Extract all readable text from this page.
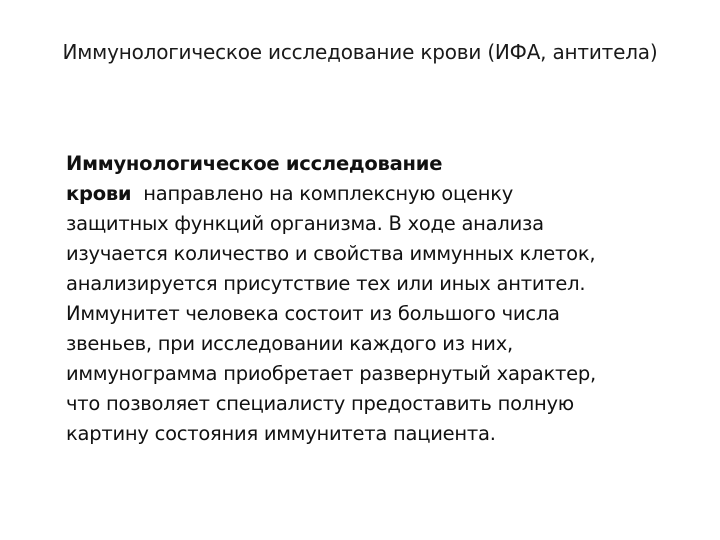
Иммунологическое исследование крови (ИФА, антитела)
Иммунологическое исследование
крови направлено на комплексную оценку
защитных функций организма. В ходе анализа
изучается количество и свойства иммунных клеток,
анализируется присутствие тех или иных антител.
Иммунитет человека состоит из большого числа
звеньев, при исследовании каждого из них,
иммунограмма приобретает развернутый характер,
что позволяет специалисту предоставить полную
картину состояния иммунитета пациента.
